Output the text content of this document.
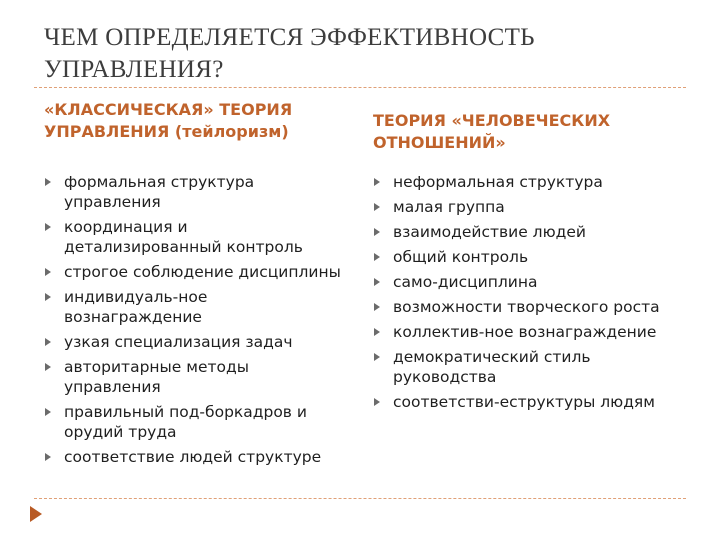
ЧЕМ ОПРЕДЕЛЯЕТСЯ ЭФФЕКТИВНОСТЬ УПРАВЛЕНИЯ?
«КЛАССИЧЕСКАЯ» ТЕОРИЯ УПРАВЛЕНИЯ (тейлоризм)
ТЕОРИЯ «ЧЕЛОВЕЧЕСКИХ ОТНОШЕНИЙ»
формальная структура управления
координация и детализированный контроль
строгое соблюдение дисциплины
индивидуаль-ное вознаграждение
узкая специализация задач
авторитарные методы управления
правильный под-боркадров и орудий труда
соответствие людей структуре
неформальная структура
малая группа
взаимодействие людей
общий контроль
само-дисциплина
возможности творческого роста
коллектив-ное вознаграждение
демократический стиль руководства
соответстви-еструктуры людям
